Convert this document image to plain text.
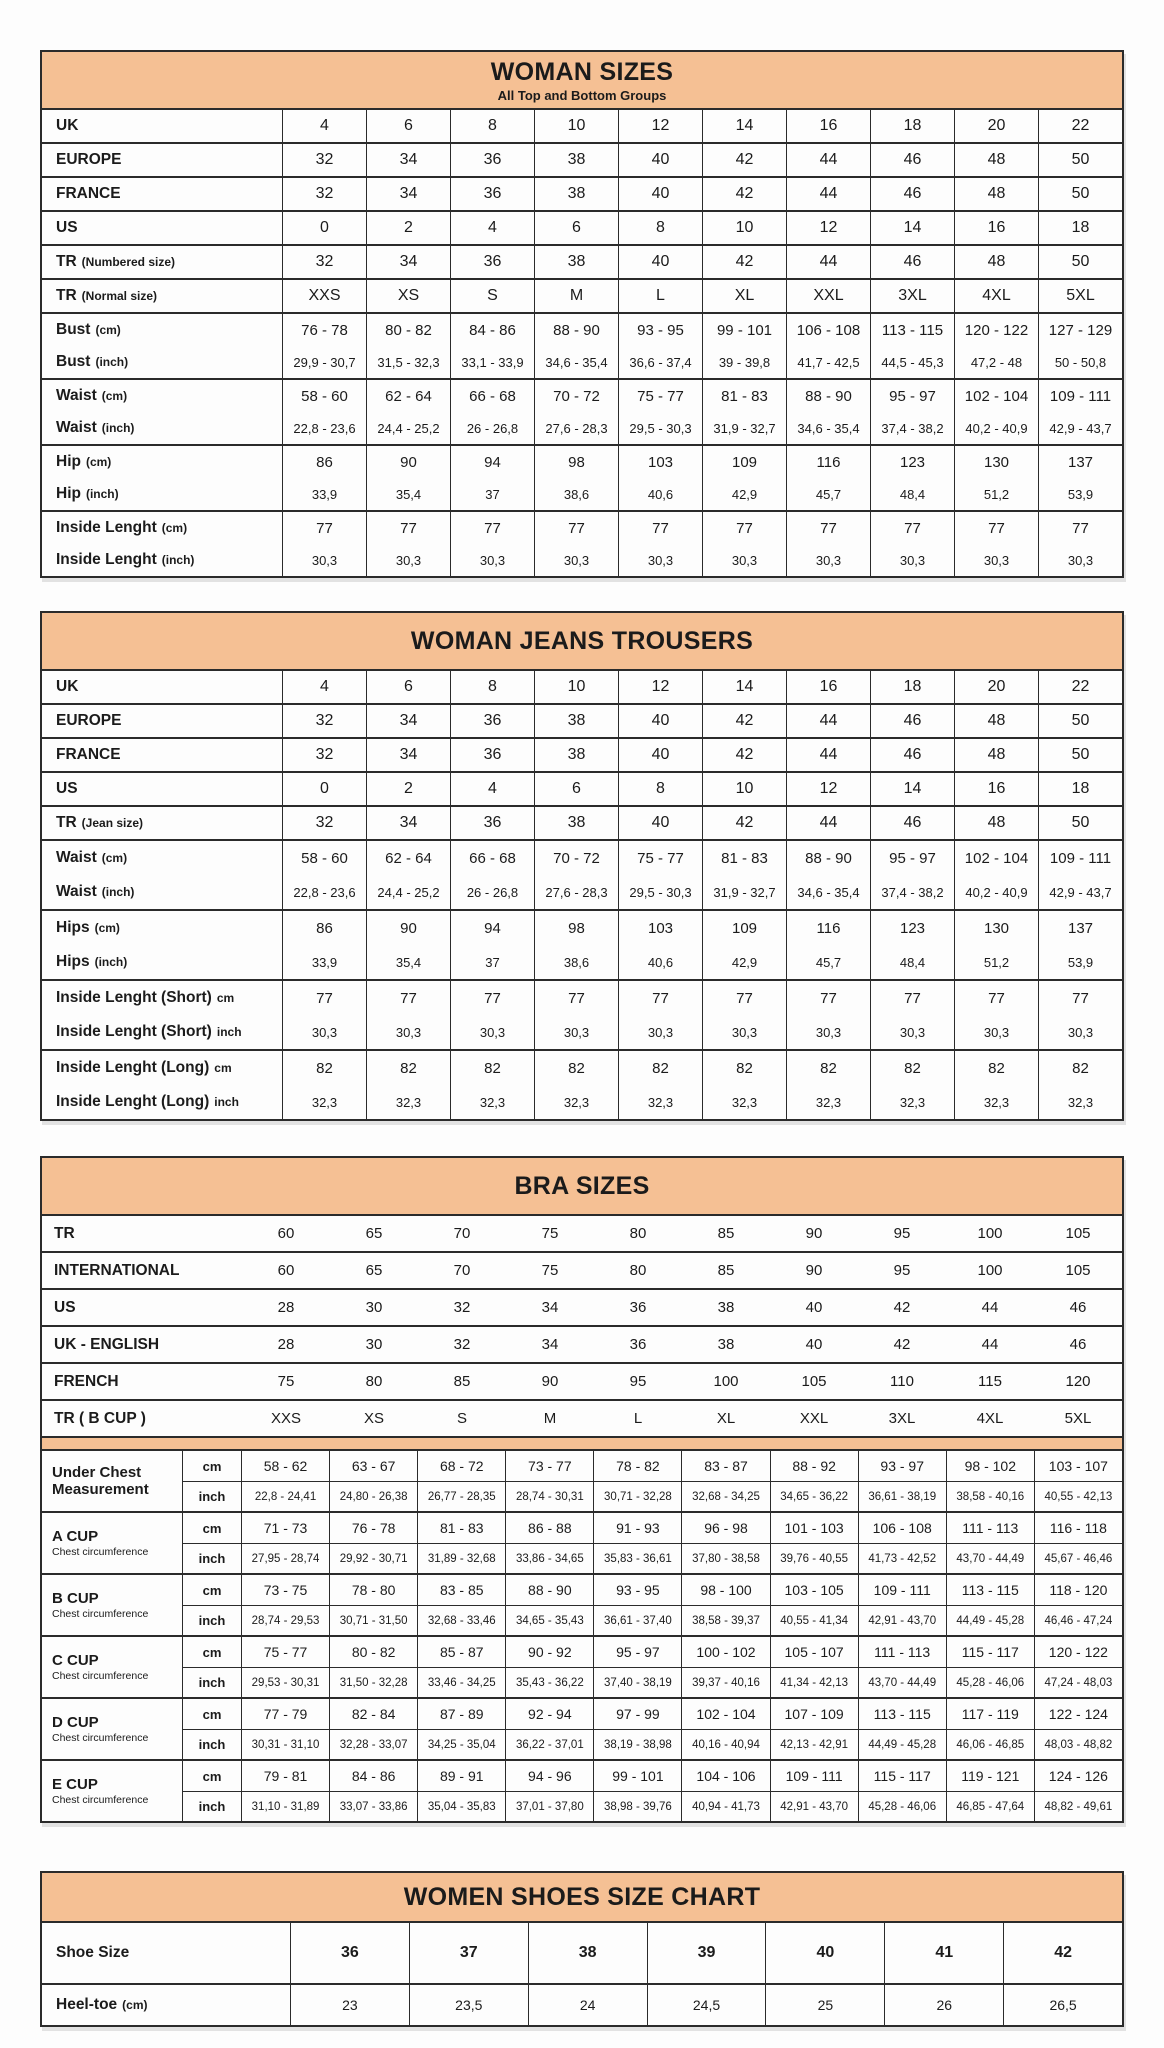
WOMAN SIZES
All Top and Bottom Groups
UK	4	6	8	10	12	14	16	18	20	22
EUROPE	32	34	36	38	40	42	44	46	48	50
FRANCE	32	34	36	38	40	42	44	46	48	50
US	0	2	4	6	8	10	12	14	16	18
TR (Numbered size)	32	34	36	38	40	42	44	46	48	50
TR (Normal size)	XXS	XS	S	M	L	XL	XXL	3XL	4XL	5XL
Bust (cm)	76 - 78	80 - 82	84 - 86	88 - 90	93 - 95	99 - 101	106 - 108	113 - 115	120 - 122	127 - 129
Bust (inch)	29,9 - 30,7	31,5 - 32,3	33,1 - 33,9	34,6 - 35,4	36,6 - 37,4	39 - 39,8	41,7 - 42,5	44,5 - 45,3	47,2 - 48	50 - 50,8
Waist (cm)	58 - 60	62 - 64	66 - 68	70 - 72	75 - 77	81 - 83	88 - 90	95 - 97	102 - 104	109 - 111
Waist (inch)	22,8 - 23,6	24,4 - 25,2	26 - 26,8	27,6 - 28,3	29,5 - 30,3	31,9 - 32,7	34,6 - 35,4	37,4 - 38,2	40,2 - 40,9	42,9 - 43,7
Hip (cm)	86	90	94	98	103	109	116	123	130	137
Hip (inch)	33,9	35,4	37	38,6	40,6	42,9	45,7	48,4	51,2	53,9
Inside Lenght (cm)	77	77	77	77	77	77	77	77	77	77
Inside Lenght (inch)	30,3	30,3	30,3	30,3	30,3	30,3	30,3	30,3	30,3	30,3
WOMAN JEANS TROUSERS
UK	4	6	8	10	12	14	16	18	20	22
EUROPE	32	34	36	38	40	42	44	46	48	50
FRANCE	32	34	36	38	40	42	44	46	48	50
US	0	2	4	6	8	10	12	14	16	18
TR (Jean size)	32	34	36	38	40	42	44	46	48	50
Waist (cm)	58 - 60	62 - 64	66 - 68	70 - 72	75 - 77	81 - 83	88 - 90	95 - 97	102 - 104	109 - 111
Waist (inch)	22,8 - 23,6	24,4 - 25,2	26 - 26,8	27,6 - 28,3	29,5 - 30,3	31,9 - 32,7	34,6 - 35,4	37,4 - 38,2	40,2 - 40,9	42,9 - 43,7
Hips (cm)	86	90	94	98	103	109	116	123	130	137
Hips (inch)	33,9	35,4	37	38,6	40,6	42,9	45,7	48,4	51,2	53,9
Inside Lenght (Short) cm	77	77	77	77	77	77	77	77	77	77
Inside Lenght (Short) inch	30,3	30,3	30,3	30,3	30,3	30,3	30,3	30,3	30,3	30,3
Inside Lenght (Long) cm	82	82	82	82	82	82	82	82	82	82
Inside Lenght (Long) inch	32,3	32,3	32,3	32,3	32,3	32,3	32,3	32,3	32,3	32,3
BRA SIZES
TR	60	65	70	75	80	85	90	95	100	105
INTERNATIONAL	60	65	70	75	80	85	90	95	100	105
US	28	30	32	34	36	38	40	42	44	46
UK - ENGLISH	28	30	32	34	36	38	40	42	44	46
FRENCH	75	80	85	90	95	100	105	110	115	120
TR ( B CUP )	XXS	XS	S	M	L	XL	XXL	3XL	4XL	5XL
Under Chest Measurement
cm	58 - 62	63 - 67	68 - 72	73 - 77	78 - 82	83 - 87	88 - 92	93 - 97	98 - 102	103 - 107
inch	22,8 - 24,41	24,80 - 26,38	26,77 - 28,35	28,74 - 30,31	30,71 - 32,28	32,68 - 34,25	34,65 - 36,22	36,61 - 38,19	38,58 - 40,16	40,55 - 42,13
A CUP
Chest circumference
cm	71 - 73	76 - 78	81 - 83	86 - 88	91 - 93	96 - 98	101 - 103	106 - 108	111 - 113	116 - 118
inch	27,95 - 28,74	29,92 - 30,71	31,89 - 32,68	33,86 - 34,65	35,83 - 36,61	37,80 - 38,58	39,76 - 40,55	41,73 - 42,52	43,70 - 44,49	45,67 - 46,46
B CUP
Chest circumference
cm	73 - 75	78 - 80	83 - 85	88 - 90	93 - 95	98 - 100	103 - 105	109 - 111	113 - 115	118 - 120
inch	28,74 - 29,53	30,71 - 31,50	32,68 - 33,46	34,65 - 35,43	36,61 - 37,40	38,58 - 39,37	40,55 - 41,34	42,91 - 43,70	44,49 - 45,28	46,46 - 47,24
C CUP
Chest circumference
cm	75 - 77	80 - 82	85 - 87	90 - 92	95 - 97	100 - 102	105 - 107	111 - 113	115 - 117	120 - 122
inch	29,53 - 30,31	31,50 - 32,28	33,46 - 34,25	35,43 - 36,22	37,40 - 38,19	39,37 - 40,16	41,34 - 42,13	43,70 - 44,49	45,28 - 46,06	47,24 - 48,03
D CUP
Chest circumference
cm	77 - 79	82 - 84	87 - 89	92 - 94	97 - 99	102 - 104	107 - 109	113 - 115	117 - 119	122 - 124
inch	30,31 - 31,10	32,28 - 33,07	34,25 - 35,04	36,22 - 37,01	38,19 - 38,98	40,16 - 40,94	42,13 - 42,91	44,49 - 45,28	46,06 - 46,85	48,03 - 48,82
E CUP
Chest circumference
cm	79 - 81	84 - 86	89 - 91	94 - 96	99 - 101	104 - 106	109 - 111	115 - 117	119 - 121	124 - 126
inch	31,10 - 31,89	33,07 - 33,86	35,04 - 35,83	37,01 - 37,80	38,98 - 39,76	40,94 - 41,73	42,91 - 43,70	45,28 - 46,06	46,85 - 47,64	48,82 - 49,61
WOMEN SHOES SIZE CHART
Shoe Size	36	37	38	39	40	41	42
Heel-toe (cm)	23	23,5	24	24,5	25	26	26,5
